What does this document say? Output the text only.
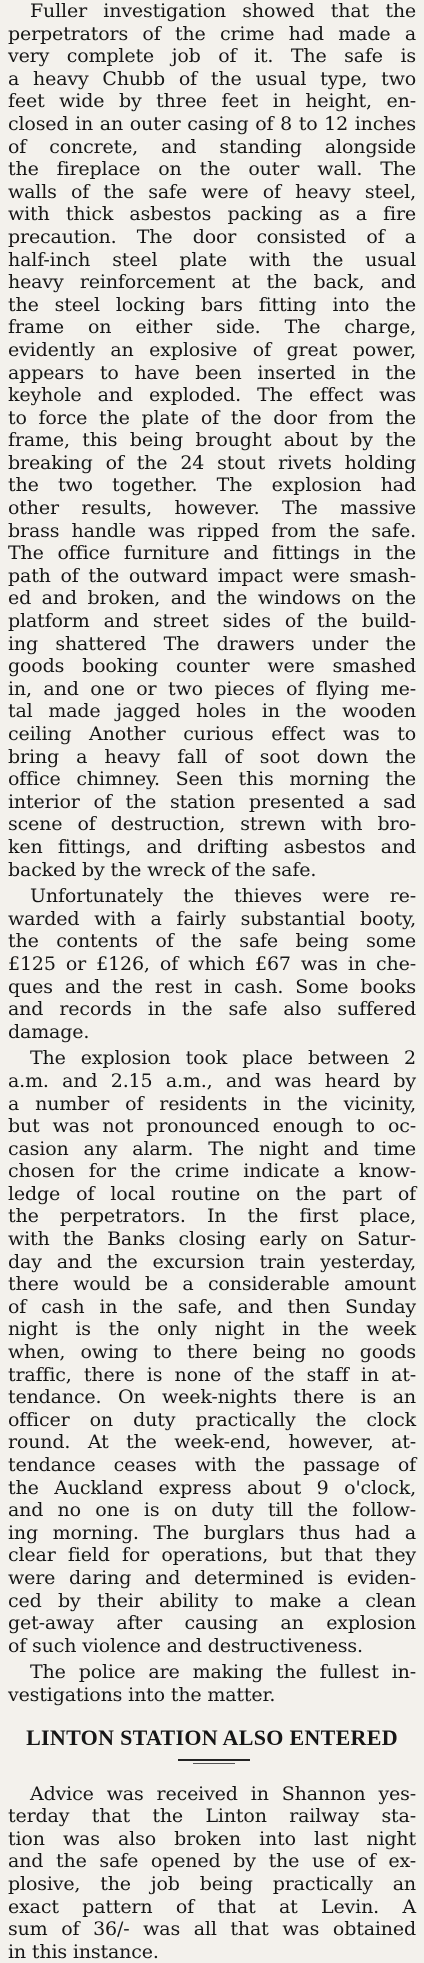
Fuller investigation showed that the
perpetrators of the crime had made a
very complete job of it. The safe is
a heavy Chubb of the usual type, two
feet wide by three feet in height, en-
closed in an outer casing of 8 to 12 inches
of concrete, and standing alongside
the fireplace on the outer wall. The
walls of the safe were of heavy steel,
with thick asbestos packing as a fire
precaution. The door consisted of a
half-inch steel plate with the usual
heavy reinforcement at the back, and
the steel locking bars fitting into the
frame on either side. The charge,
evidently an explosive of great power,
appears to have been inserted in the
keyhole and exploded. The effect was
to force the plate of the door from the
frame, this being brought about by the
breaking of the 24 stout rivets holding
the two together. The explosion had
other results, however. The massive
brass handle was ripped from the safe.
The office furniture and fittings in the
path of the outward impact were smash-
ed and broken, and the windows on the
platform and street sides of the build-
ing shattered The drawers under the
goods booking counter were smashed
in, and one or two pieces of flying me-
tal made jagged holes in the wooden
ceiling Another curious effect was to
bring a heavy fall of soot down the
office chimney. Seen this morning the
interior of the station presented a sad
scene of destruction, strewn with bro-
ken fittings, and drifting asbestos and
backed by the wreck of the safe.
Unfortunately the thieves were re-
warded with a fairly substantial booty,
the contents of the safe being some
£125 or £126, of which £67 was in che-
ques and the rest in cash. Some books
and records in the safe also suffered
damage.
The explosion took place between 2
a.m. and 2.15 a.m., and was heard by
a number of residents in the vicinity,
but was not pronounced enough to oc-
casion any alarm. The night and time
chosen for the crime indicate a know-
ledge of local routine on the part of
the perpetrators. In the first place,
with the Banks closing early on Satur-
day and the excursion train yesterday,
there would be a considerable amount
of cash in the safe, and then Sunday
night is the only night in the week
when, owing to there being no goods
traffic, there is none of the staff in at-
tendance. On week-nights there is an
officer on duty practically the clock
round. At the week-end, however, at-
tendance ceases with the passage of
the Auckland express about 9 o'clock,
and no one is on duty till the follow-
ing morning. The burglars thus had a
clear field for operations, but that they
were daring and determined is eviden-
ced by their ability to make a clean
get-away after causing an explosion
of such violence and destructiveness.
The police are making the fullest in-
vestigations into the matter.
LINTON STATION ALSO ENTERED
Advice was received in Shannon yes-
terday that the Linton railway sta-
tion was also broken into last night
and the safe opened by the use of ex-
plosive, the job being practically an
exact pattern of that at Levin. A
sum of 36/- was all that was obtained
in this instance.
